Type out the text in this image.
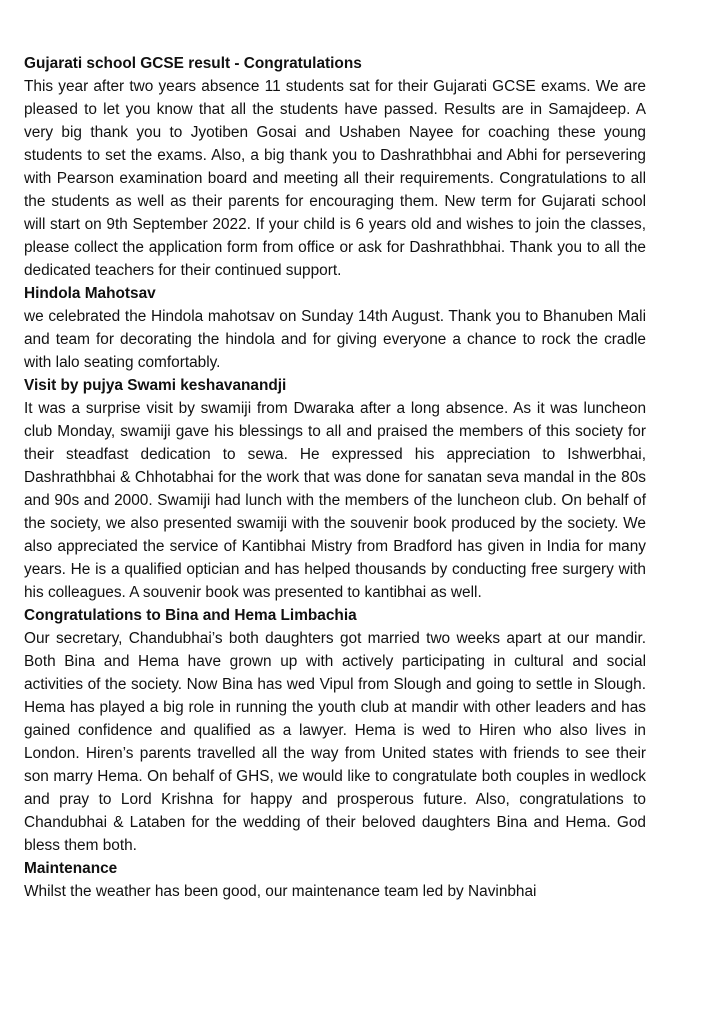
Gujarati school GCSE result - Congratulations
This year after two years absence 11 students sat for their Gujarati GCSE exams. We are pleased to let you know that all the students have passed. Results are in Samajdeep. A very big thank you to Jyotiben Gosai and Ushaben Nayee for coaching these young students to set the exams. Also, a big thank you to Dashrathbhai and Abhi for persevering with Pearson examination board and meeting all their requirements. Congratulations to all the students as well as their parents for encouraging them. New term for Gujarati school will start on 9th September 2022. If your child is 6 years old and wishes to join the classes, please collect the application form from office or ask for Dashrathbhai. Thank you to all the dedicated teachers for their continued support.
Hindola Mahotsav
we celebrated the Hindola mahotsav on Sunday 14th August. Thank you to Bhanuben Mali and team for decorating the hindola and for giving everyone a chance to rock the cradle with lalo seating comfortably.
Visit by pujya Swami keshavanandji
It was a surprise visit by swamiji from Dwaraka after a long absence. As it was luncheon club Monday, swamiji gave his blessings to all and praised the members of this society for their steadfast dedication to sewa. He expressed his appreciation to Ishwerbhai, Dashrathbhai & Chhotabhai for the work that was done for sanatan seva mandal in the 80s and 90s and 2000. Swamiji had lunch with the members of the luncheon club. On behalf of the society, we also presented swamiji with the souvenir book produced by the society. We also appreciated the service of Kantibhai Mistry from Bradford has given in India for many years. He is a qualified optician and has helped thousands by conducting free surgery with his colleagues. A souvenir book was presented to kantibhai as well.
Congratulations to Bina and Hema Limbachia
Our secretary, Chandubhai’s both daughters got married two weeks apart at our mandir. Both Bina and Hema have grown up with actively participating in cultural and social activities of the society. Now Bina has wed Vipul from Slough and going to settle in Slough. Hema has played a big role in running the youth club at mandir with other leaders and has gained confidence and qualified as a lawyer. Hema is wed to Hiren who also lives in London. Hiren’s parents travelled all the way from United states with friends to see their son marry Hema. On behalf of GHS, we would like to congratulate both couples in wedlock and pray to Lord Krishna for happy and prosperous future. Also, congratulations to Chandubhai & Lataben for the wedding of their beloved daughters Bina and Hema. God bless them both.
Maintenance
Whilst the weather has been good, our maintenance team led by Navinbhai
